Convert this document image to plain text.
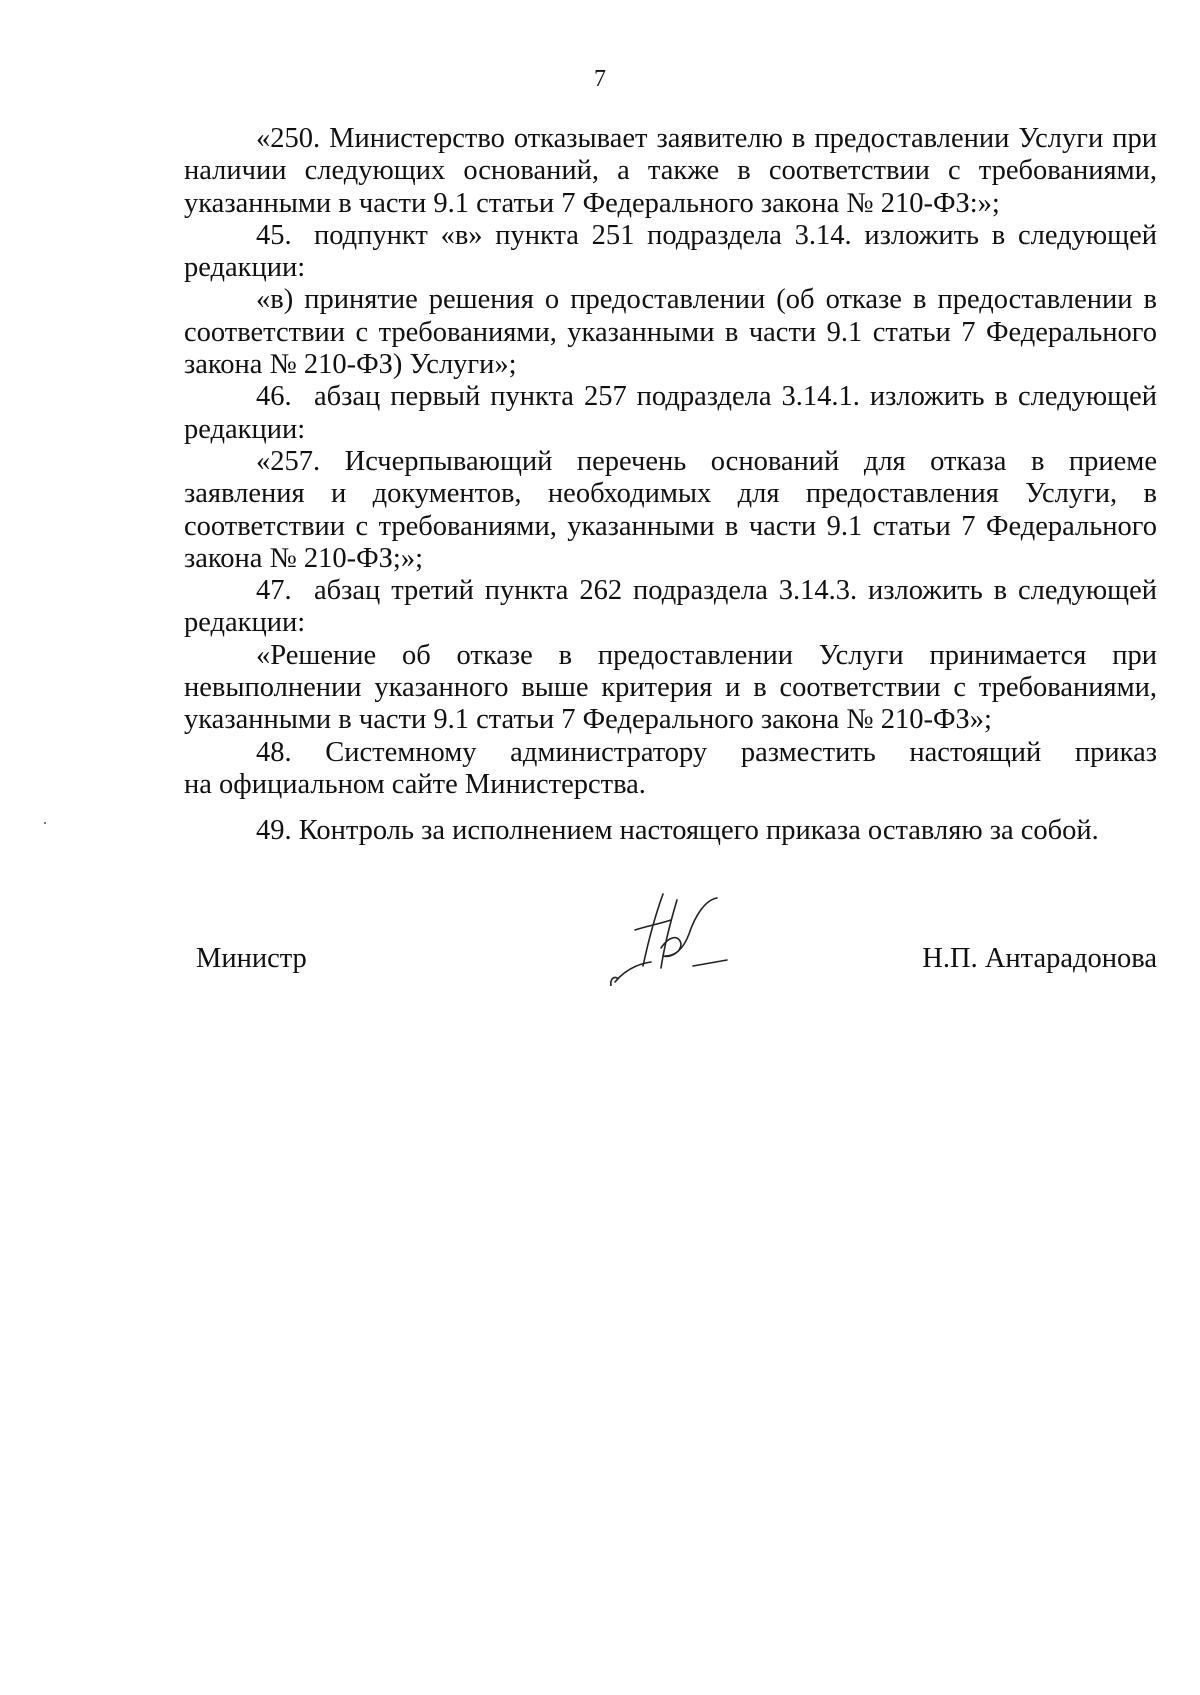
7

«250. Министерство отказывает заявителю в предоставлении Услуги при наличии следующих оснований, а также в соответствии с требованиями, указанными в части 9.1 статьи 7 Федерального закона № 210-ФЗ:»;

45. подпункт «в» пункта 251 подраздела 3.14. изложить в следующей редакции:

«в) принятие решения о предоставлении (об отказе в предоставлении в соответствии с требованиями, указанными в части 9.1 статьи 7 Федерального закона № 210-ФЗ) Услуги»;

46. абзац первый пункта 257 подраздела 3.14.1. изложить в следующей редакции:

«257. Исчерпывающий перечень оснований для отказа в приеме заявления и документов, необходимых для предоставления Услуги, в соответствии с требованиями, указанными в части 9.1 статьи 7 Федерального закона № 210-ФЗ;»;

47. абзац третий пункта 262 подраздела 3.14.3. изложить в следующей редакции:

«Решение об отказе в предоставлении Услуги принимается при невыполнении указанного выше критерия и в соответствии с требованиями, указанными в части 9.1 статьи 7 Федерального закона № 210-ФЗ»;

48. Системному администратору разместить настоящий приказ

на официальном сайте Министерства.

49. Контроль за исполнением настоящего приказа оставляю за собой.

Министр	Н.П. Антарадонова
